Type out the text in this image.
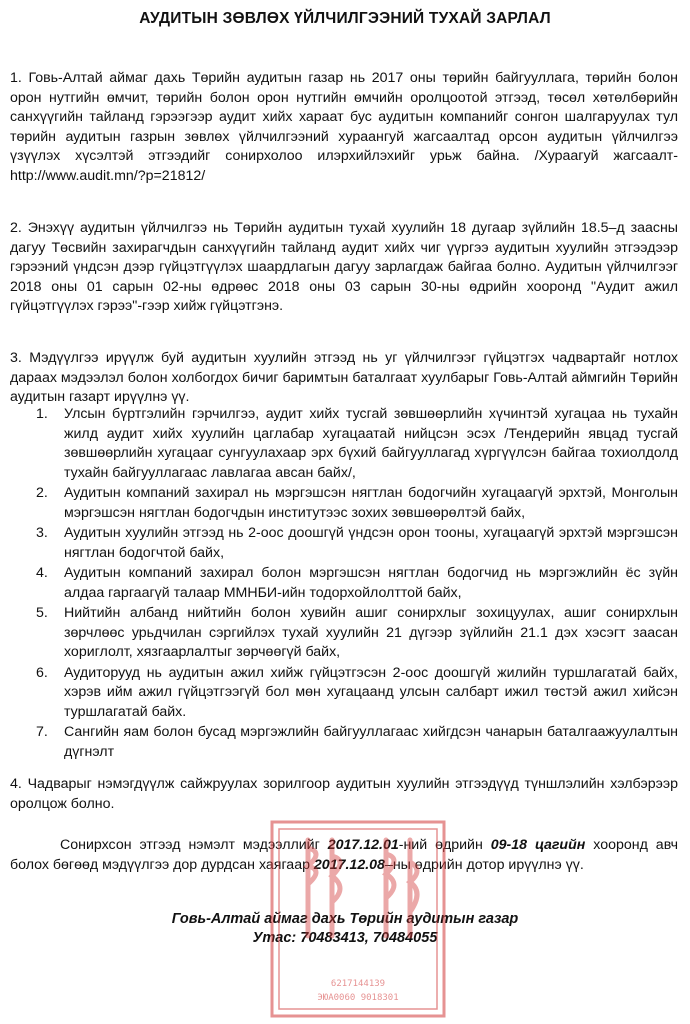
АУДИТЫН ЗӨВЛӨХ ҮЙЛЧИЛГЭЭНИЙ ТУХАЙ ЗАРЛАЛ
1. Говь-Алтай аймаг дахь Төрийн аудитын газар нь 2017 оны төрийн байгууллага, төрийн болон орон нутгийн өмчит, төрийн болон орон нутгийн өмчийн оролцоотой этгээд, төсөл хөтөлбөрийн санхүүгийн тайланд гэрээгээр аудит хийх хараат бус аудитын компанийг сонгон шалгаруулах тул төрийн аудитын газрын зөвлөх үйлчилгээний хураангуй жагсаалтад орсон аудитын үйлчилгээ үзүүлэх хүсэлтэй этгээдийг сонирхолоо илэрхийлэхийг урьж байна. /Хураагуй жагсаалт-http://www.audit.mn/?p=21812/
2. Энэхүү аудитын үйлчилгээ нь Төрийн аудитын тухай хуулийн 18 дугаар зүйлийн 18.5–д заасны дагуу Төсвийн захирагчдын санхүүгийн тайланд аудит хийх чиг үүргээ аудитын хуулийн этгээдээр гэрээний үндсэн дээр гүйцэтгүүлэх шаардлагын дагуу зарлагдаж байгаа болно. Аудитын үйлчилгээг 2018 оны 01 сарын 02-ны өдрөөс 2018 оны 03 сарын 30-ны өдрийн хооронд "Аудит ажил гүйцэтгүүлэх гэрээ"-гээр хийж гүйцэтгэнэ.
3. Мэдүүлгээ ирүүлж буй аудитын хуулийн этгээд нь уг үйлчилгээг гүйцэтгэх чадвартайг нотлох дараах мэдээлэл болон холбогдох бичиг баримтын баталгаат хуулбарыг Говь-Алтай аймгийн Төрийн аудитын газарт ирүүлнэ үү.
1. Улсын бүртгэлийн гэрчилгээ, аудит хийх тусгай зөвшөөрлийн хүчинтэй хугацаа нь тухайн жилд аудит хийх хуулийн цаглабар хугацаатай нийцсэн эсэх /Тендерийн явцад тусгай зөвшөөрлийн хугацааг сунгуулахаар эрх бүхий байгууллагад хүргүүлсэн байгаа тохиолдолд тухайн байгууллагаас лавлагаа авсан байх/,
2. Аудитын компаний захирал нь мэргэшсэн нягтлан бодогчийн хугацаагүй эрхтэй, Монголын мэргэшсэн нягтлан бодогчдын институтээс зохих зөвшөөрөлтэй байх,
3. Аудитын хуулийн этгээд нь 2-оос доошгүй үндсэн орон тооны, хугацаагүй эрхтэй мэргэшсэн нягтлан бодогчтой байх,
4. Аудитын компаний захирал болон мэргэшсэн нягтлан бодогчид нь мэргэжлийн ёс зүйн алдаа гаргаагүй талаар ММНБИ-ийн тодорхойлолттой байх,
5. Нийтийн албанд нийтийн болон хувийн ашиг сонирхлыг зохицуулах, ашиг сонирхлын зөрчлөөс урьдчилан сэргийлэх тухай хуулийн 21 дүгээр зүйлийн 21.1 дэх хэсэгт заасан хориглолт, хязгаарлалтыг зөрчөөгүй байх,
6. Аудиторууд нь аудитын ажил хийж гүйцэтгэсэн 2-оос доошгүй жилийн туршлагатай байх, хэрэв ийм ажил гүйцэтгээгүй бол мөн хугацаанд улсын салбарт ижил төстэй ажил хийсэн туршлагатай байх.
7. Сангийн яам болон бусад мэргэжлийн байгууллагаас хийгдсэн чанарын баталгаажуулалтын дүгнэлт
4. Чадварыг нэмэгдүүлж сайжруулах зорилгоор аудитын хуулийн этгээдүүд түншлэлийн хэлбэрээр оролцож болно.
Сонирхсон этгээд нэмэлт мэдээллийг 2017.12.01-ний өдрийн 09-18 цагийн хооронд авч болох бөгөөд мэдүүлгээ дор дурдсан хаягаар 2017.12.08–ны өдрийн дотор ирүүлнэ үү.
Говь-Алтай аймаг дахь Төрийн аудитын газар
Утас: 70483413, 70484055
6217144139
ЭЮА0060 9018301
